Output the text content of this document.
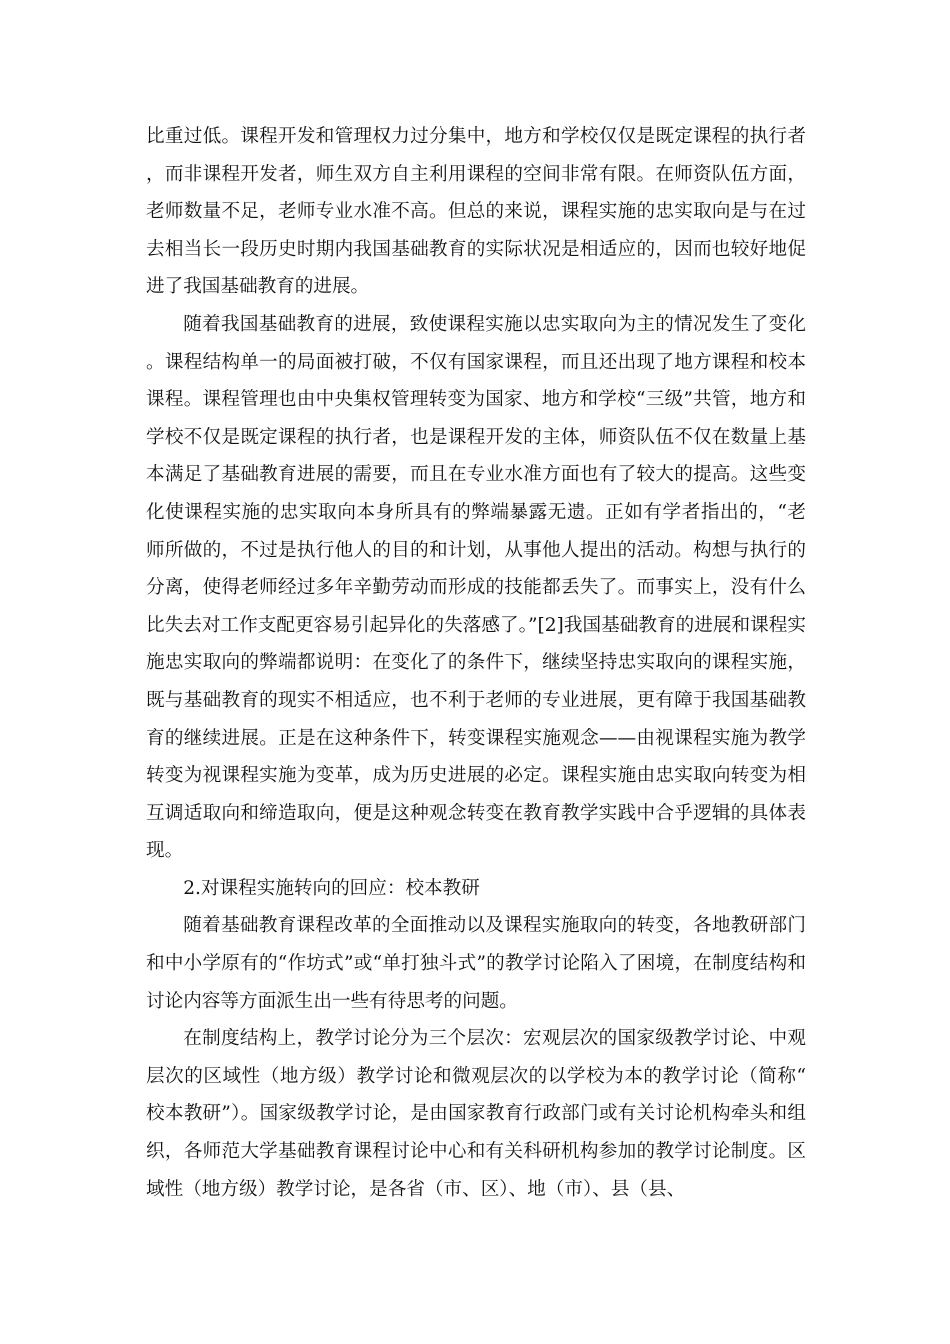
比重过低。课程开发和管理权力过分集中，地方和学校仅仅是既定课程的执行者，而非课程开发者，师生双方自主利用课程的空间非常有限。在师资队伍方面，老师数量不足，老师专业水准不高。但总的来说，课程实施的忠实取向是与在过去相当长一段历史时期内我国基础教育的实际状况是相适应的，因而也较好地促进了我国基础教育的进展。

随着我国基础教育的进展，致使课程实施以忠实取向为主的情况发生了变化。课程结构单一的局面被打破，不仅有国家课程，而且还出现了地方课程和校本课程。课程管理也由中央集权管理转变为国家、地方和学校“三级”共管，地方和学校不仅是既定课程的执行者，也是课程开发的主体，师资队伍不仅在数量上基本满足了基础教育进展的需要，而且在专业水准方面也有了较大的提高。这些变化使课程实施的忠实取向本身所具有的弊端暴露无遗。正如有学者指出的，“老师所做的，不过是执行他人的目的和计划，从事他人提出的活动。构想与执行的分离，使得老师经过多年辛勤劳动而形成的技能都丢失了。而事实上，没有什么比失去对工作支配更容易引起异化的失落感了。”[2]我国基础教育的进展和课程实施忠实取向的弊端都说明：在变化了的条件下，继续坚持忠实取向的课程实施，既与基础教育的现实不相适应，也不利于老师的专业进展，更有障于我国基础教育的继续进展。正是在这种条件下，转变课程实施观念——由视课程实施为教学转变为视课程实施为变革，成为历史进展的必定。课程实施由忠实取向转变为相互调适取向和缔造取向，便是这种观念转变在教育教学实践中合乎逻辑的具体表现。

2.对课程实施转向的回应：校本教研

随着基础教育课程改革的全面推动以及课程实施取向的转变，各地教研部门和中小学原有的“作坊式”或“单打独斗式”的教学讨论陷入了困境，在制度结构和讨论内容等方面派生出一些有待思考的问题。

在制度结构上，教学讨论分为三个层次：宏观层次的国家级教学讨论、中观层次的区域性（地方级）教学讨论和微观层次的以学校为本的教学讨论（简称“校本教研”）。国家级教学讨论，是由国家教育行政部门或有关讨论机构牵头和组织，各师范大学基础教育课程讨论中心和有关科研机构参加的教学讨论制度。区域性（地方级）教学讨论，是各省（市、区）、地（市）、县（县、
